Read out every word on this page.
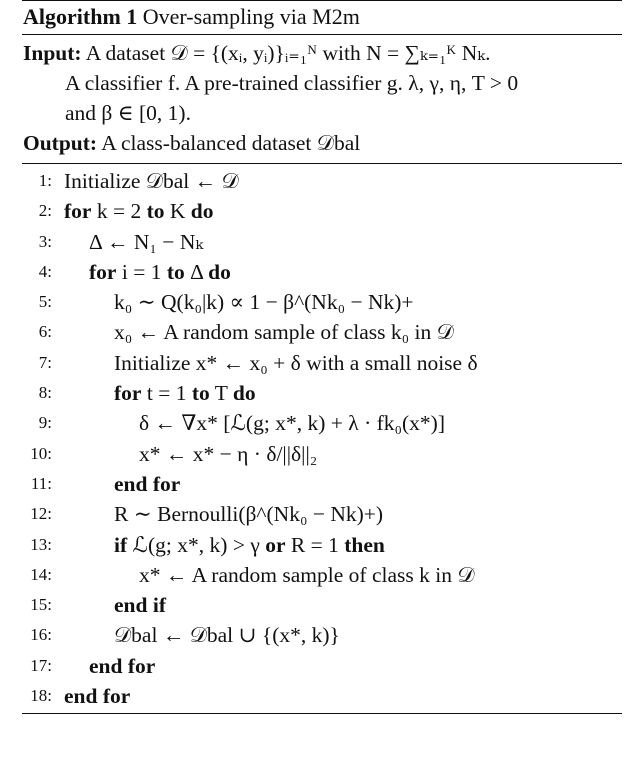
Algorithm 1 Over-sampling via M2m
Input: A dataset 𝒟 = {(xᵢ, yᵢ)}ᵢ₌₁ᴺ with N = ∑ₖ₌₁ᴷ Nₖ.
A classifier f. A pre-trained classifier g. λ, γ, η, T > 0
and β ∈ [0, 1).
Output: A class-balanced dataset 𝒟bal
1: Initialize 𝒟bal ← 𝒟
2: for k = 2 to K do
3: Δ ← N₁ − Nₖ
4: for i = 1 to Δ do
5:	k₀ ∼ Q(k₀|k) ∝ 1 − β^(Nk₀ − Nk)+
6:	x₀ ← A random sample of class k₀ in 𝒟
7:	Initialize x* ← x₀ + δ with a small noise δ
8:	for t = 1 to T do
9:	δ ← ∇x* [ℒ(g; x*, k) + λ · fk₀(x*)]
10:	x* ← x* − η · δ/||δ||₂
11:	end for
12:	R ∼ Bernoulli(β^(Nk₀ − Nk)+)
13:	if ℒ(g; x*, k) > γ or R = 1 then
14:	x* ← A random sample of class k in 𝒟
15:	end if
16:	𝒟bal ← 𝒟bal ∪ {(x*, k)}
17: end for
18: end for
